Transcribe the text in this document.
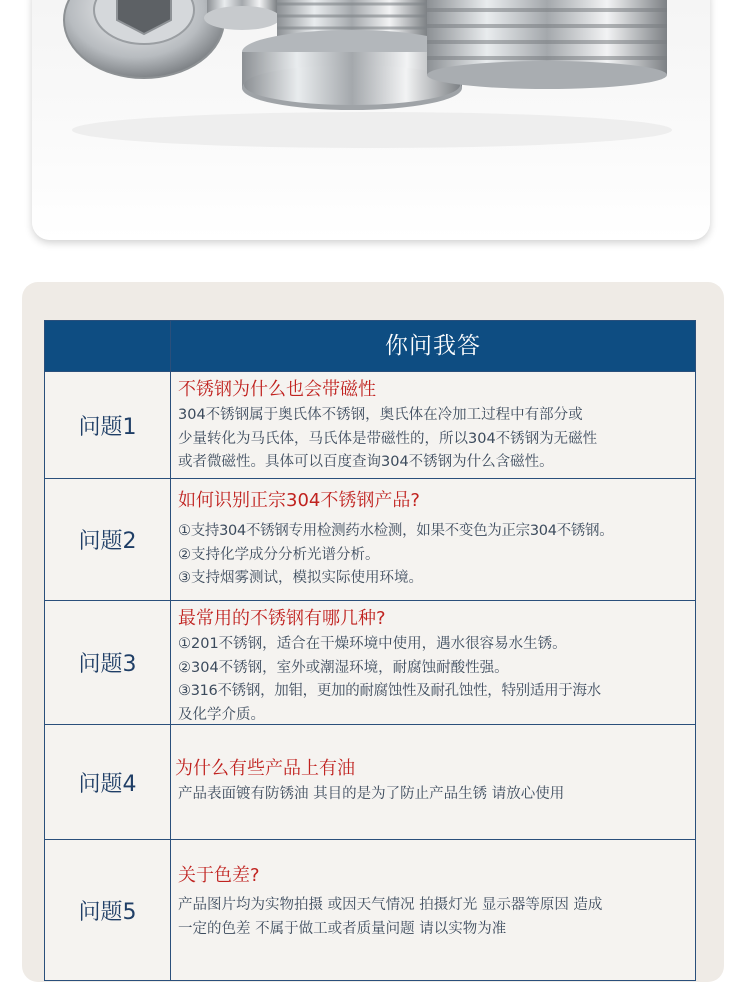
你问我答
问题1
不锈钢为什么也会带磁性
304不锈钢属于奥氏体不锈钢，奥氏体在冷加工过程中有部分或
少量转化为马氏体，马氏体是带磁性的，所以304不锈钢为无磁性
或者微磁性。具体可以百度查询304不锈钢为什么含磁性。
问题2
如何识别正宗304不锈钢产品?
①支持304不锈钢专用检测药水检测，如果不变色为正宗304不锈钢。
②支持化学成分分析光谱分析。
③支持烟雾测试，模拟实际使用环境。
问题3
最常用的不锈钢有哪几种?
①201不锈钢，适合在干燥环境中使用，遇水很容易水生锈。
②304不锈钢，室外或潮湿环境，耐腐蚀耐酸性强。
③316不锈钢，加钼，更加的耐腐蚀性及耐孔蚀性，特别适用于海水
及化学介质。
问题4
为什么有些产品上有油
产品表面镀有防锈油 其目的是为了防止产品生锈 请放心使用
问题5
关于色差?
产品图片均为实物拍摄 或因天气情况 拍摄灯光 显示器等原因 造成
一定的色差 不属于做工或者质量问题 请以实物为准
